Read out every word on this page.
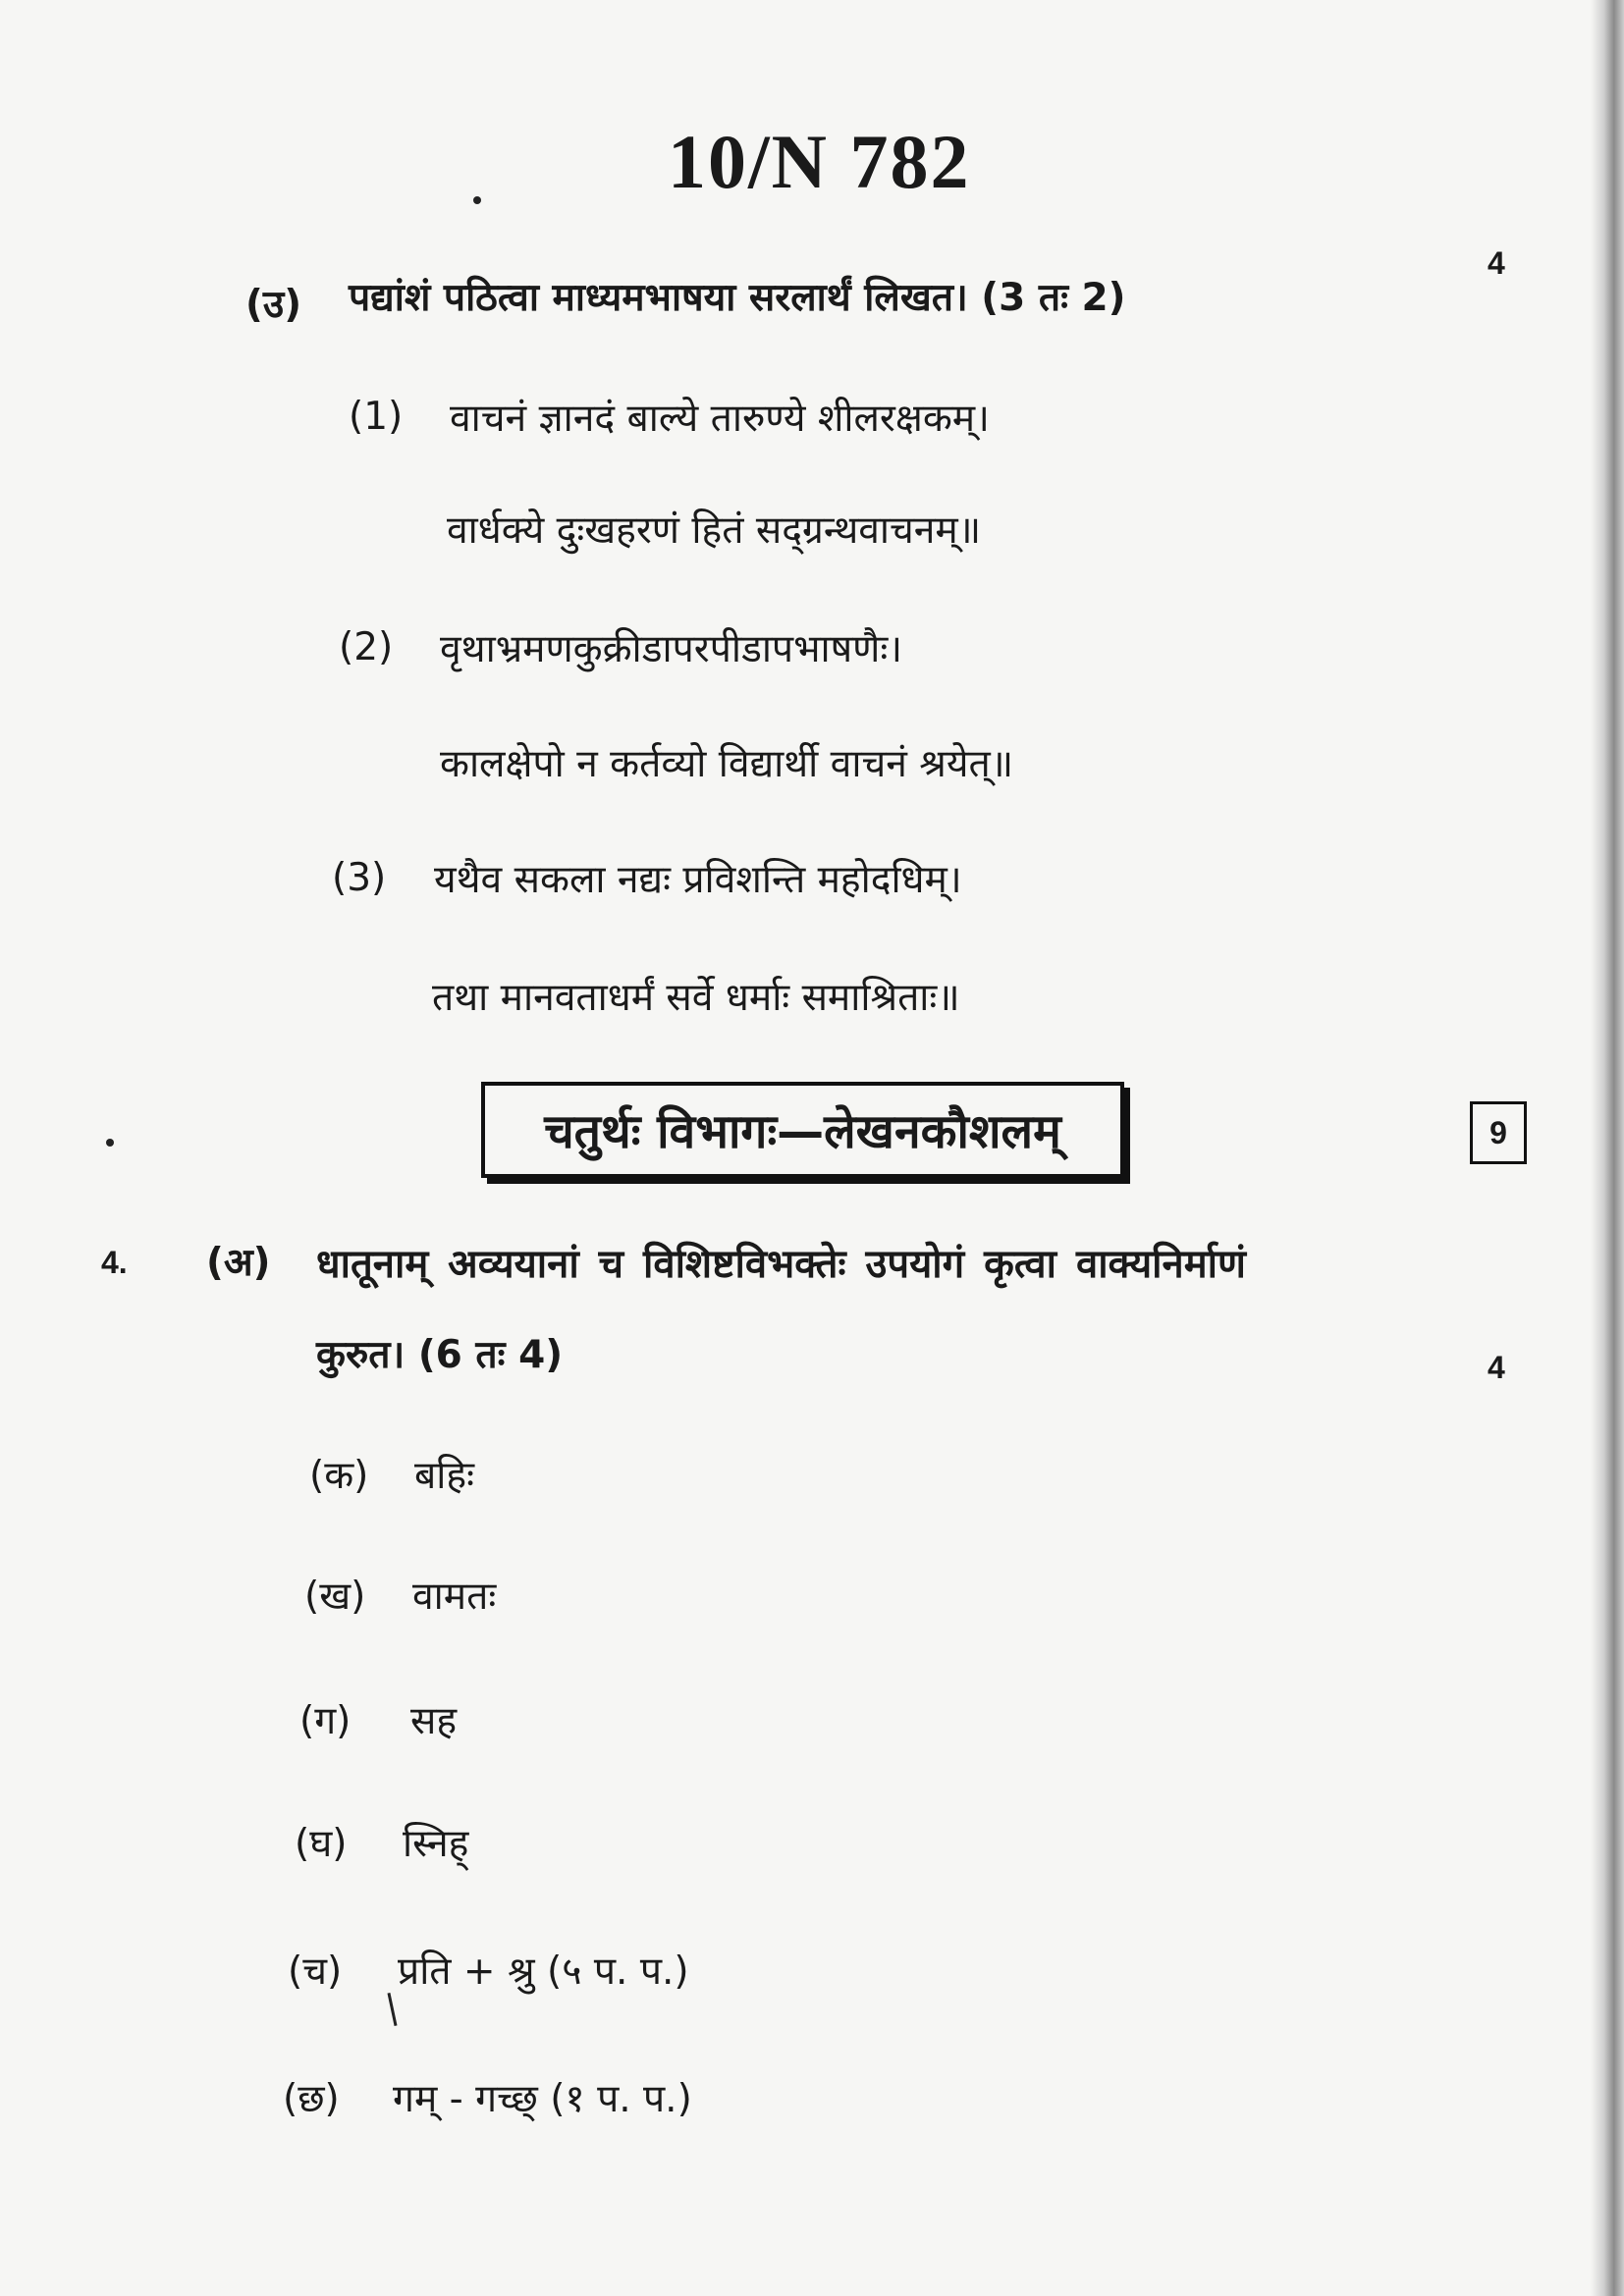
10/N 782
(उ) पद्यांशं पठित्वा माध्यमभाषया सरलार्थं लिखत। (3 तः 2)
4
(1) वाचनं ज्ञानदं बाल्ये तारुण्ये शीलरक्षकम्।
वार्धक्ये दुःखहरणं हितं सद्ग्रन्थवाचनम्॥
(2) वृथाभ्रमणकुक्रीडापरपीडापभाषणैः।
कालक्षेपो न कर्तव्यो विद्यार्थी वाचनं श्रयेत्॥
(3) यथैव सकला नद्यः प्रविशन्ति महोदधिम्।
तथा मानवताधर्मं सर्वे धर्माः समाश्रिताः॥
चतुर्थः विभागः—लेखनकौशलम्	9
4. (अ) धातूनाम् अव्ययानां च विशिष्टविभक्तेः उपयोगं कृत्वा वाक्यनिर्माणं
कुरुत। (6 तः 4)	4
(क) बहिः
(ख) वामतः
(ग) सह
(घ) स्निह्
(च) प्रति + श्रु (५ प. प.)
(छ) गम् - गच्छ् (१ प. प.)
